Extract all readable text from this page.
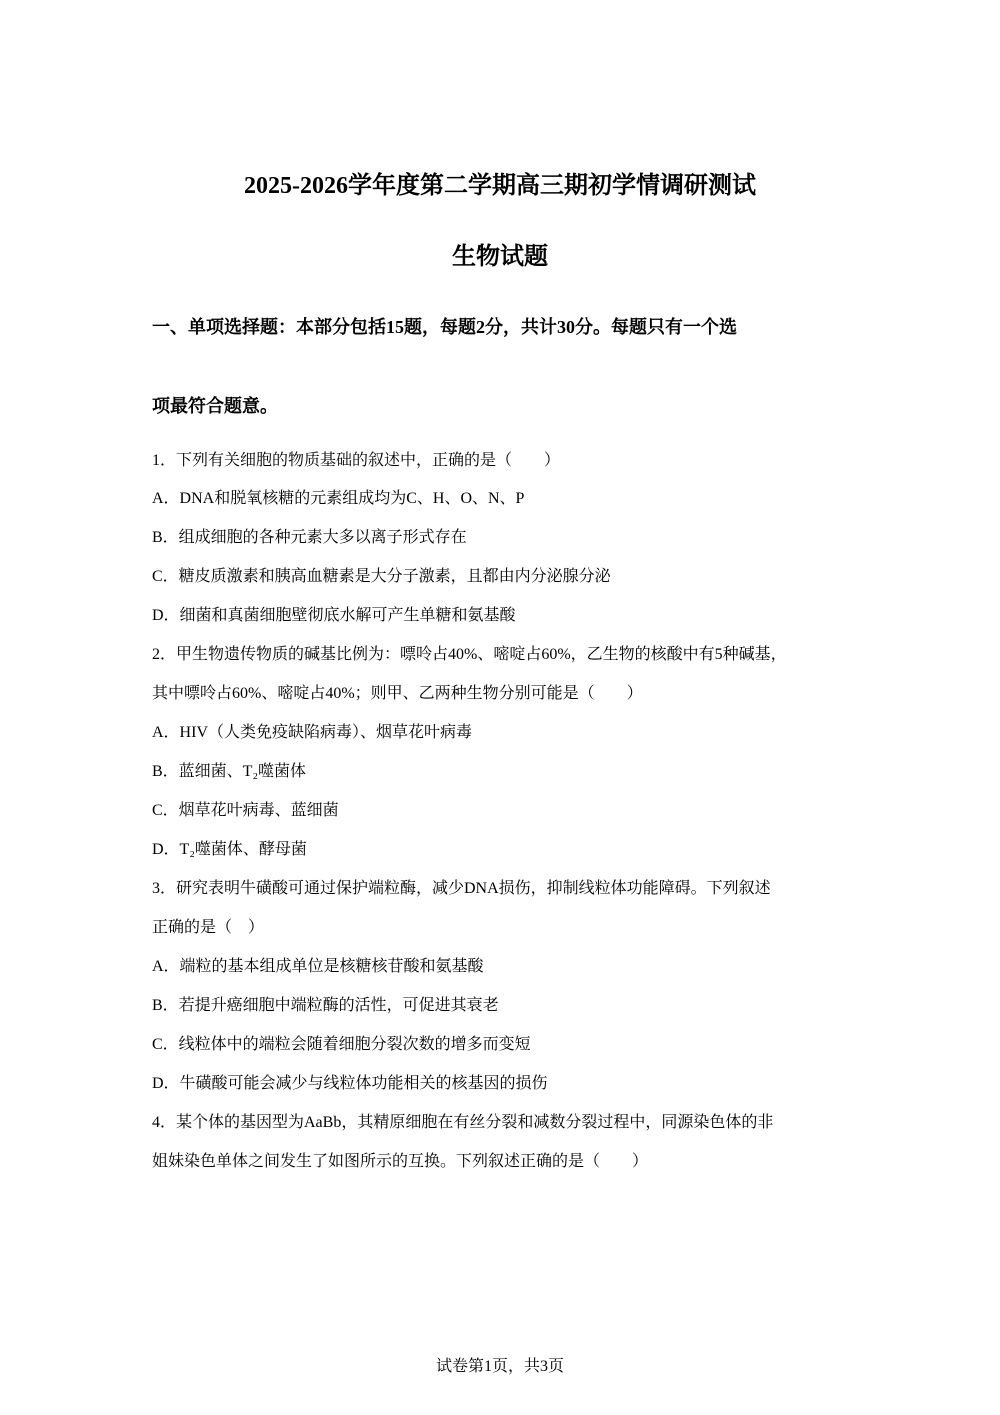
2025-2026学年度第二学期高三期初学情调研测试
生物试题
一、单项选择题：本部分包括15题，每题2分，共计30分。每题只有一个选
项最符合题意。
1．下列有关细胞的物质基础的叙述中，正确的是（　　）
A．DNA和脱氧核糖的元素组成均为C、H、O、N、P
B．组成细胞的各种元素大多以离子形式存在
C．糖皮质激素和胰高血糖素是大分子激素，且都由内分泌腺分泌
D．细菌和真菌细胞壁彻底水解可产生单糖和氨基酸
2．甲生物遗传物质的碱基比例为：嘌呤占40%、嘧啶占60%，乙生物的核酸中有5种碱基，
其中嘌呤占60%、嘧啶占40%；则甲、乙两种生物分别可能是（　　）
A．HIV（人类免疫缺陷病毒）、烟草花叶病毒
B．蓝细菌、T₂噬菌体
C．烟草花叶病毒、蓝细菌
D．T₂噬菌体、酵母菌
3．研究表明牛磺酸可通过保护端粒酶，减少DNA损伤，抑制线粒体功能障碍。下列叙述
正确的是（　）
A．端粒的基本组成单位是核糖核苷酸和氨基酸
B．若提升癌细胞中端粒酶的活性，可促进其衰老
C．线粒体中的端粒会随着细胞分裂次数的增多而变短
D．牛磺酸可能会减少与线粒体功能相关的核基因的损伤
4．某个体的基因型为AaBb，其精原细胞在有丝分裂和减数分裂过程中，同源染色体的非
姐妹染色单体之间发生了如图所示的互换。下列叙述正确的是（　　）
试卷第1页，共3页
